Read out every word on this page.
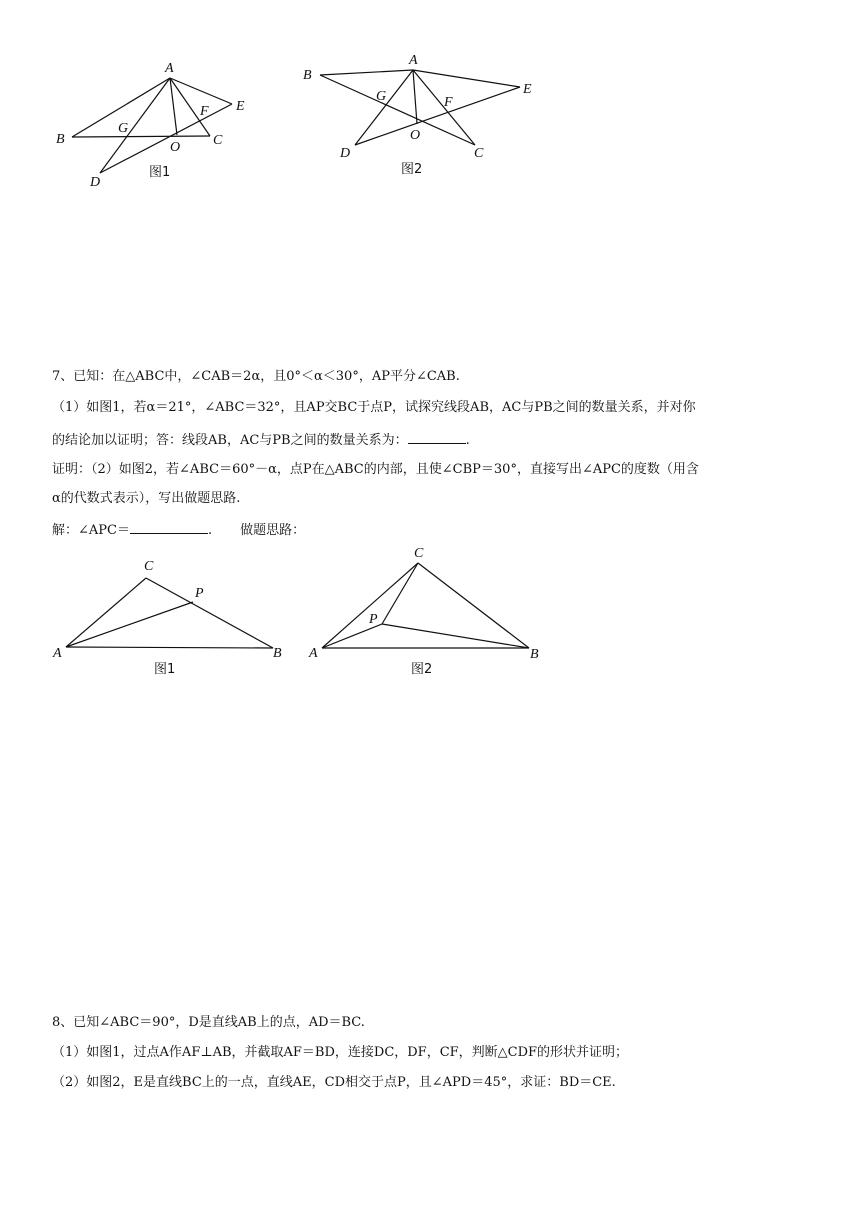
A
B	C
D
E
F
G
O
图1
A
B
C
D
E
F
G
O
图2
7、已知：在△ABC中，∠CAB＝2α，且0°＜α＜30°，AP平分∠CAB.
（1）如图1，若α＝21°，∠ABC＝32°，且AP交BC于点P，试探究线段AB，AC与PB之间的数量关系，并对你
的结论加以证明；答：线段AB，AC与PB之间的数量关系为：	.
证明：（2）如图2，若∠ABC＝60°－α，点P在△ABC的内部，且使∠CBP＝30°，直接写出∠APC的度数（用含
α的代数式表示），写出做题思路.
解：∠APC＝	. 做题思路：
A	B
C
P
图1
A	B
C
P
图2
8、已知∠ABC＝90°，D是直线AB上的点，AD＝BC.
（1）如图1，过点A作AF⊥AB，并截取AF＝BD，连接DC，DF，CF，判断△CDF的形状并证明；
（2）如图2，E是直线BC上的一点，直线AE，CD相交于点P，且∠APD＝45°，求证：BD＝CE.
